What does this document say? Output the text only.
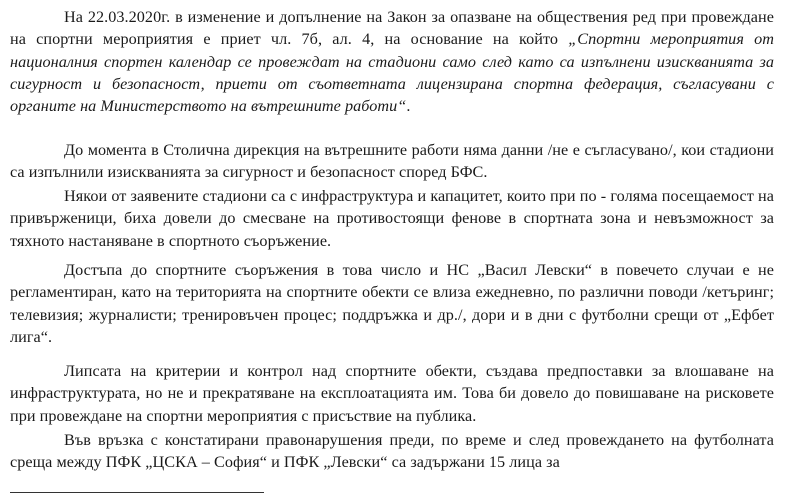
На 22.03.2020г. в изменение и допълнение на Закон за опазване на обществения ред при провеждане на спортни мероприятия е приет чл. 7б, ал. 4, на основание на който „Спортни мероприятия от националния спортен календар се провеждат на стадиони само след като са изпълнени изискванията за сигурност и безопасност, приети от съответната лицензирана спортна федерация, съгласувани с органите на Министерството на вътрешните работи“.

До момента в Столична дирекция на вътрешните работи няма данни /не е съгласувано/, кои стадиони са изпълнили изискванията за сигурност и безопасност според БФС.

Някои от заявените стадиони са с инфраструктура и капацитет, които при по - голяма посещаемост на привърженици, биха довели до смесване на противостоящи фенове в спортната зона и невъзможност за тяхното настаняване в спортното съоръжение.

Достъпа до спортните съоръжения в това число и НС „Васил Левски“ в повечето случаи е не регламентиран, като на територията на спортните обекти се влиза ежедневно, по различни поводи /кетъринг; телевизия; журналисти; тренировъчен процес; поддръжка и др./, дори и в дни с футболни срещи от „Ефбет лига“.

Липсата на критерии и контрол над спортните обекти, създава предпоставки за влошаване на инфраструктурата, но не и прекратяване на експлоатацията им. Това би довело до повишаване на рисковете при провеждане на спортни мероприятия с присъствие на публика.

Във връзка с констатирани правонарушения преди, по време и след провеждането на футболната среща между ПФК „ЦСКА – София“ и ПФК „Левски“ са задържани 15 лица за
